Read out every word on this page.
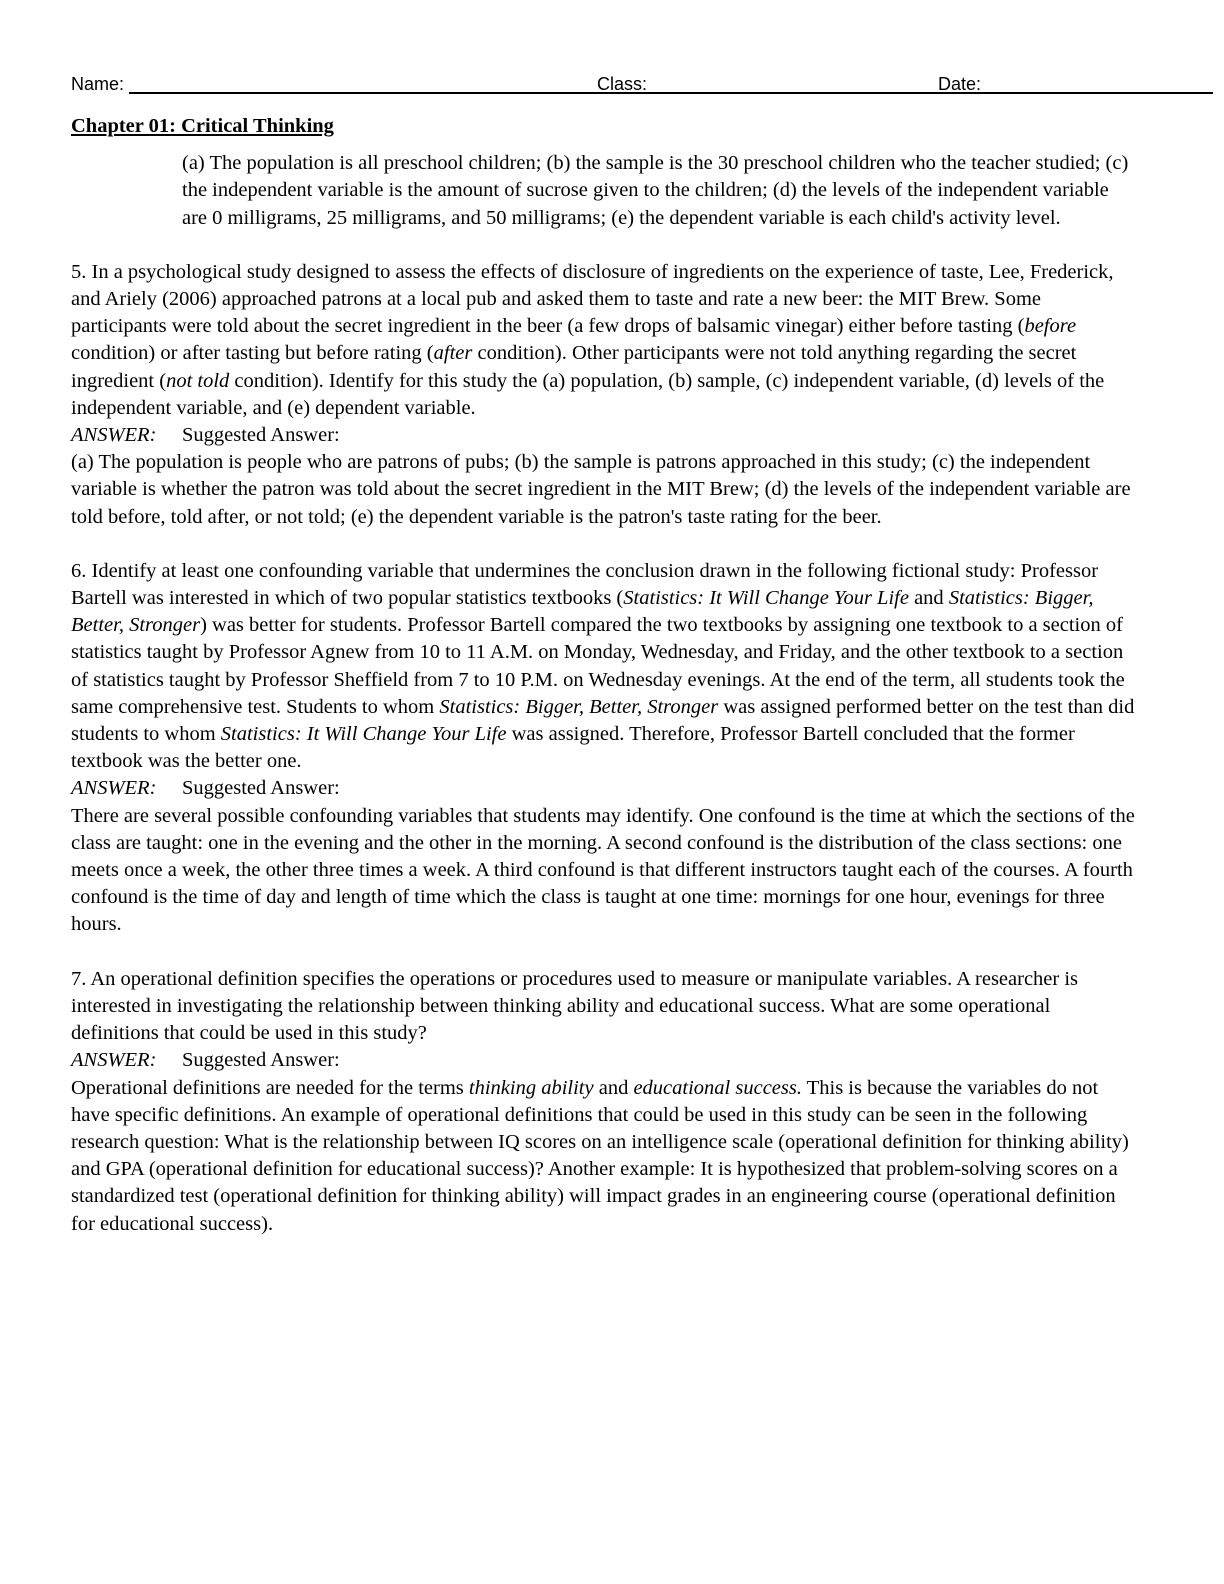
Name:	Class:	Date:
Chapter 01: Critical Thinking

(a) The population is all preschool children; (b) the sample is the 30 preschool children who the teacher studied; (c) the independent variable is the amount of sucrose given to the children; (d) the levels of the independent variable are 0 milligrams, 25 milligrams, and 50 milligrams; (e) the dependent variable is each child's activity level.

5. In a psychological study designed to assess the effects of disclosure of ingredients on the experience of taste, Lee, Frederick, and Ariely (2006) approached patrons at a local pub and asked them to taste and rate a new beer: the MIT Brew. Some participants were told about the secret ingredient in the beer (a few drops of balsamic vinegar) either before tasting (before condition) or after tasting but before rating (after condition). Other participants were not told anything regarding the secret ingredient (not told condition). Identify for this study the (a) population, (b) sample, (c) independent variable, (d) levels of the independent variable, and (e) dependent variable.

ANSWER:	Suggested Answer:

(a) The population is people who are patrons of pubs; (b) the sample is patrons approached in this study; (c) the independent variable is whether the patron was told about the secret ingredient in the MIT Brew; (d) the levels of the independent variable are told before, told after, or not told; (e) the dependent variable is the patron's taste rating for the beer.

6. Identify at least one confounding variable that undermines the conclusion drawn in the following fictional study: Professor Bartell was interested in which of two popular statistics textbooks (Statistics: It Will Change Your Life and Statistics: Bigger, Better, Stronger) was better for students. Professor Bartell compared the two textbooks by assigning one textbook to a section of statistics taught by Professor Agnew from 10 to 11 A.M. on Monday, Wednesday, and Friday, and the other textbook to a section of statistics taught by Professor Sheffield from 7 to 10 P.M. on Wednesday evenings. At the end of the term, all students took the same comprehensive test. Students to whom Statistics: Bigger, Better, Stronger was assigned performed better on the test than did students to whom Statistics: It Will Change Your Life was assigned. Therefore, Professor Bartell concluded that the former textbook was the better one.

ANSWER:	Suggested Answer:

There are several possible confounding variables that students may identify. One confound is the time at which the sections of the class are taught: one in the evening and the other in the morning. A second confound is the distribution of the class sections: one meets once a week, the other three times a week. A third confound is that different instructors taught each of the courses. A fourth confound is the time of day and length of time which the class is taught at one time: mornings for one hour, evenings for three hours.

7. An operational definition specifies the operations or procedures used to measure or manipulate variables. A researcher is interested in investigating the relationship between thinking ability and educational success. What are some operational definitions that could be used in this study?

ANSWER:	Suggested Answer:

Operational definitions are needed for the terms thinking ability and educational success. This is because the variables do not have specific definitions. An example of operational definitions that could be used in this study can be seen in the following research question: What is the relationship between IQ scores on an intelligence scale (operational definition for thinking ability) and GPA (operational definition for educational success)? Another example: It is hypothesized that problem-solving scores on a standardized test (operational definition for thinking ability) will impact grades in an engineering course (operational definition for educational success).
